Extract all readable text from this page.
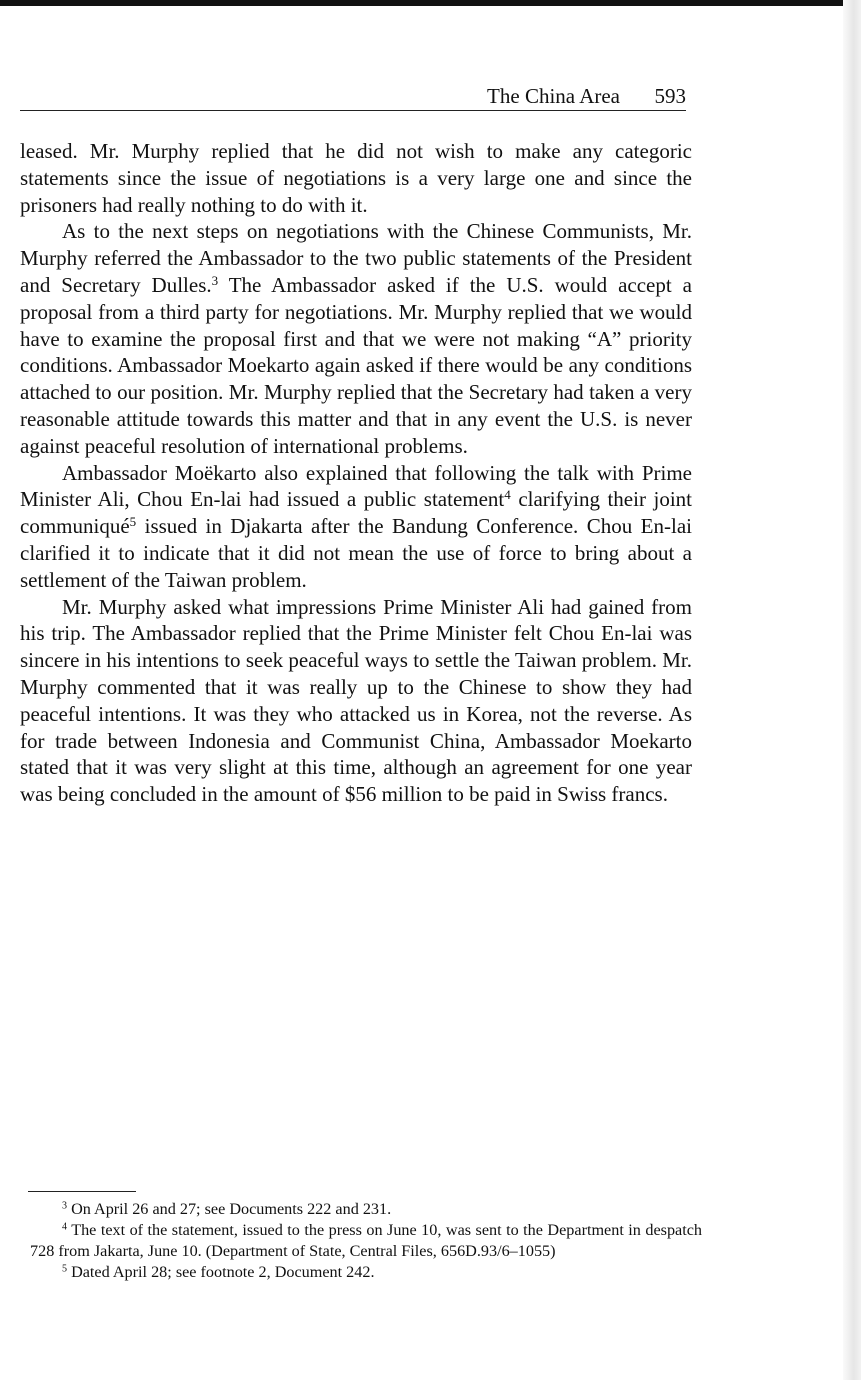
The China Area 593

leased. Mr. Murphy replied that he did not wish to make any categoric statements since the issue of negotiations is a very large one and since the prisoners had really nothing to do with it.

As to the next steps on negotiations with the Chinese Communists, Mr. Murphy referred the Ambassador to the two public statements of the President and Secretary Dulles.$^3$ The Ambassador asked if the U.S. would accept a proposal from a third party for negotiations. Mr. Murphy replied that we would have to examine the proposal first and that we were not making “A” priority conditions. Ambassador Moekarto again asked if there would be any conditions attached to our position. Mr. Murphy replied that the Secretary had taken a very reasonable attitude towards this matter and that in any event the U.S. is never against peaceful resolution of international problems.

Ambassador Moëkarto also explained that following the talk with Prime Minister Ali, Chou En-lai had issued a public statement$^4$ clarifying their joint communiqué$^5$ issued in Djakarta after the Bandung Conference. Chou En-lai clarified it to indicate that it did not mean the use of force to bring about a settlement of the Taiwan problem.

Mr. Murphy asked what impressions Prime Minister Ali had gained from his trip. The Ambassador replied that the Prime Minister felt Chou En-lai was sincere in his intentions to seek peaceful ways to settle the Taiwan problem. Mr. Murphy commented that it was really up to the Chinese to show they had peaceful intentions. It was they who attacked us in Korea, not the reverse. As for trade between Indonesia and Communist China, Ambassador Moekarto stated that it was very slight at this time, although an agreement for one year was being concluded in the amount of $56 million to be paid in Swiss francs.

$^3$ On April 26 and 27; see Documents 222 and 231.

$^4$ The text of the statement, issued to the press on June 10, was sent to the Department in despatch 728 from Jakarta, June 10. (Department of State, Central Files, 656D.93/6–1055)

$^5$ Dated April 28; see footnote 2, Document 242.
